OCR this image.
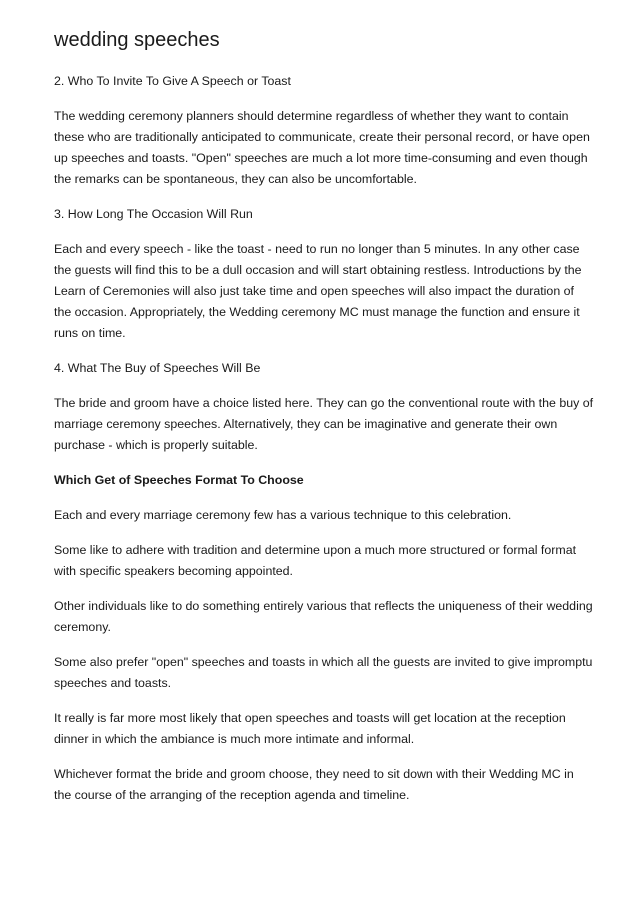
wedding speeches

2. Who To Invite To Give A Speech or Toast

The wedding ceremony planners should determine regardless of whether they want to contain these who are traditionally anticipated to communicate, create their personal record, or have open up speeches and toasts. "Open" speeches are much a lot more time-consuming and even though the remarks can be spontaneous, they can also be uncomfortable.

3. How Long The Occasion Will Run

Each and every speech - like the toast - need to run no longer than 5 minutes. In any other case the guests will find this to be a dull occasion and will start obtaining restless. Introductions by the Learn of Ceremonies will also just take time and open speeches will also impact the duration of the occasion. Appropriately, the Wedding ceremony MC must manage the function and ensure it runs on time.

4. What The Buy of Speeches Will Be

The bride and groom have a choice listed here. They can go the conventional route with the buy of marriage ceremony speeches. Alternatively, they can be imaginative and generate their own purchase - which is properly suitable.

Which Get of Speeches Format To Choose

Each and every marriage ceremony few has a various technique to this celebration.

Some like to adhere with tradition and determine upon a much more structured or formal format with specific speakers becoming appointed.

Other individuals like to do something entirely various that reflects the uniqueness of their wedding ceremony.

Some also prefer "open" speeches and toasts in which all the guests are invited to give impromptu speeches and toasts.

It really is far more most likely that open speeches and toasts will get location at the reception dinner in which the ambiance is much more intimate and informal.

Whichever format the bride and groom choose, they need to sit down with their Wedding MC in the course of the arranging of the reception agenda and timeline.
